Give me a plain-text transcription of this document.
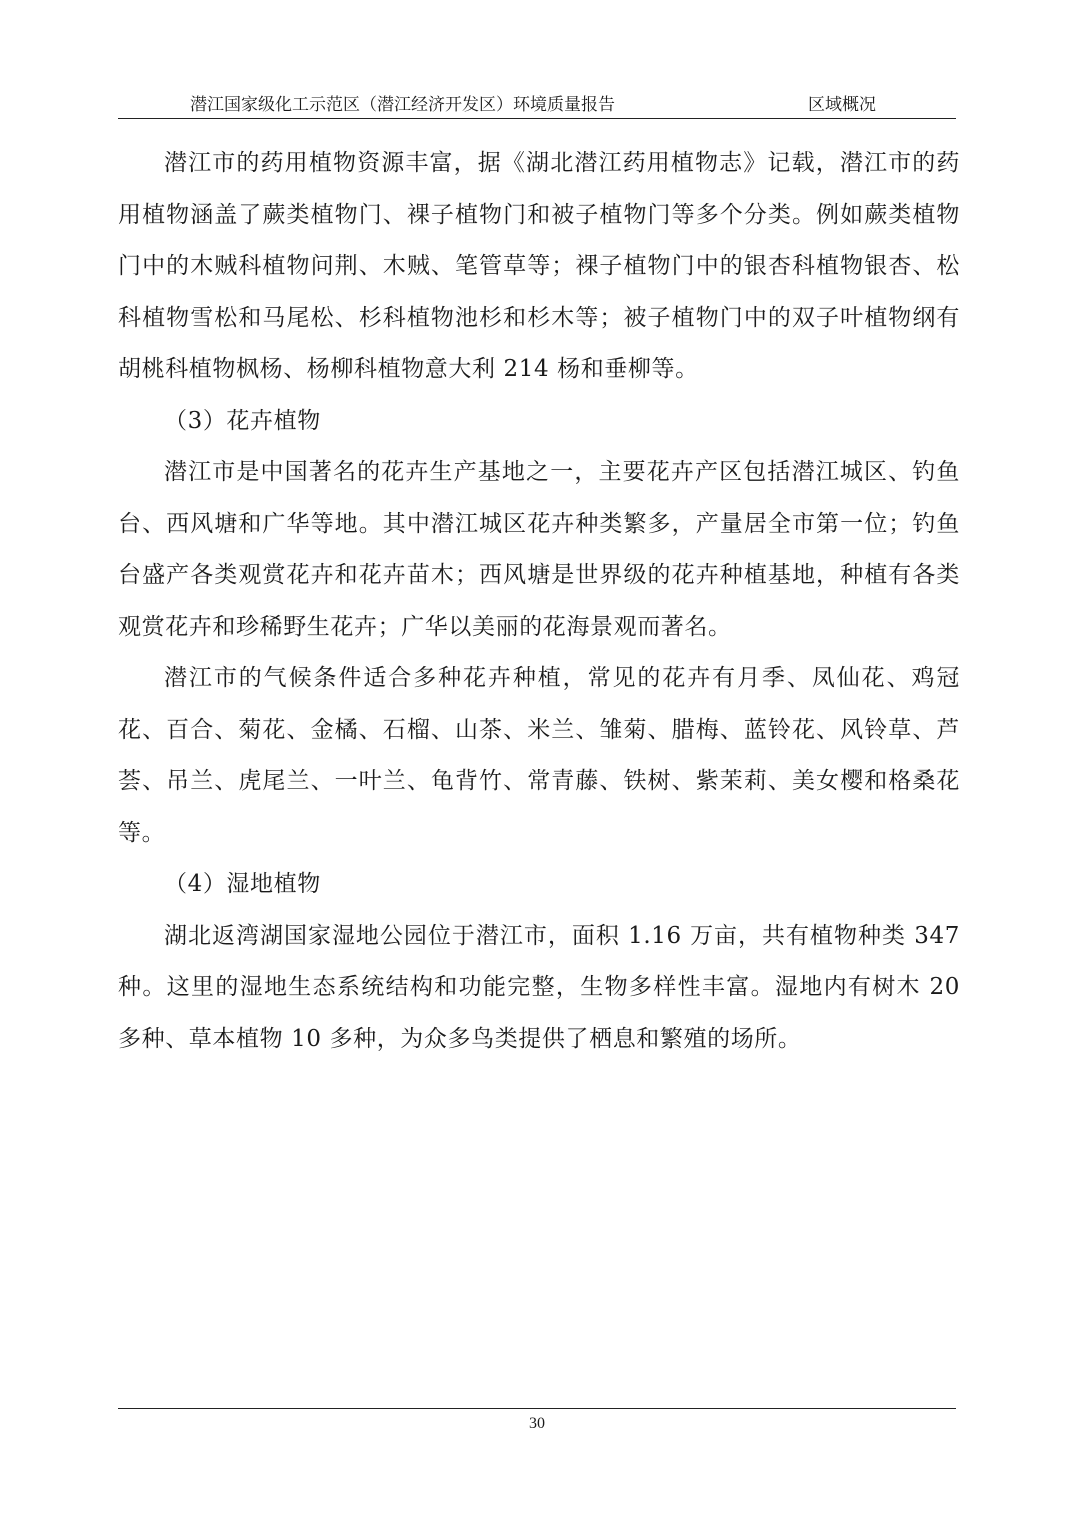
潜江国家级化工示范区（潜江经济开发区）环境质量报告	区域概况

潜江市的药用植物资源丰富，据《湖北潜江药用植物志》记载，潜江市的药用植物涵盖了蕨类植物门、裸子植物门和被子植物门等多个分类。例如蕨类植物门中的木贼科植物问荆、木贼、笔管草等；裸子植物门中的银杏科植物银杏、松科植物雪松和马尾松、杉科植物池杉和杉木等；被子植物门中的双子叶植物纲有胡桃科植物枫杨、杨柳科植物意大利 214 杨和垂柳等。

（3）花卉植物

潜江市是中国著名的花卉生产基地之一，主要花卉产区包括潜江城区、钓鱼台、西风塘和广华等地。其中潜江城区花卉种类繁多，产量居全市第一位；钓鱼台盛产各类观赏花卉和花卉苗木；西风塘是世界级的花卉种植基地，种植有各类观赏花卉和珍稀野生花卉；广华以美丽的花海景观而著名。

潜江市的气候条件适合多种花卉种植，常见的花卉有月季、凤仙花、鸡冠花、百合、菊花、金橘、石榴、山茶、米兰、雏菊、腊梅、蓝铃花、风铃草、芦荟、吊兰、虎尾兰、一叶兰、龟背竹、常青藤、铁树、紫茉莉、美女樱和格桑花等。

（4）湿地植物

湖北返湾湖国家湿地公园位于潜江市，面积 1.16 万亩，共有植物种类 347 种。这里的湿地生态系统结构和功能完整，生物多样性丰富。湿地内有树木 20 多种、草本植物 10 多种，为众多鸟类提供了栖息和繁殖的场所。

30
